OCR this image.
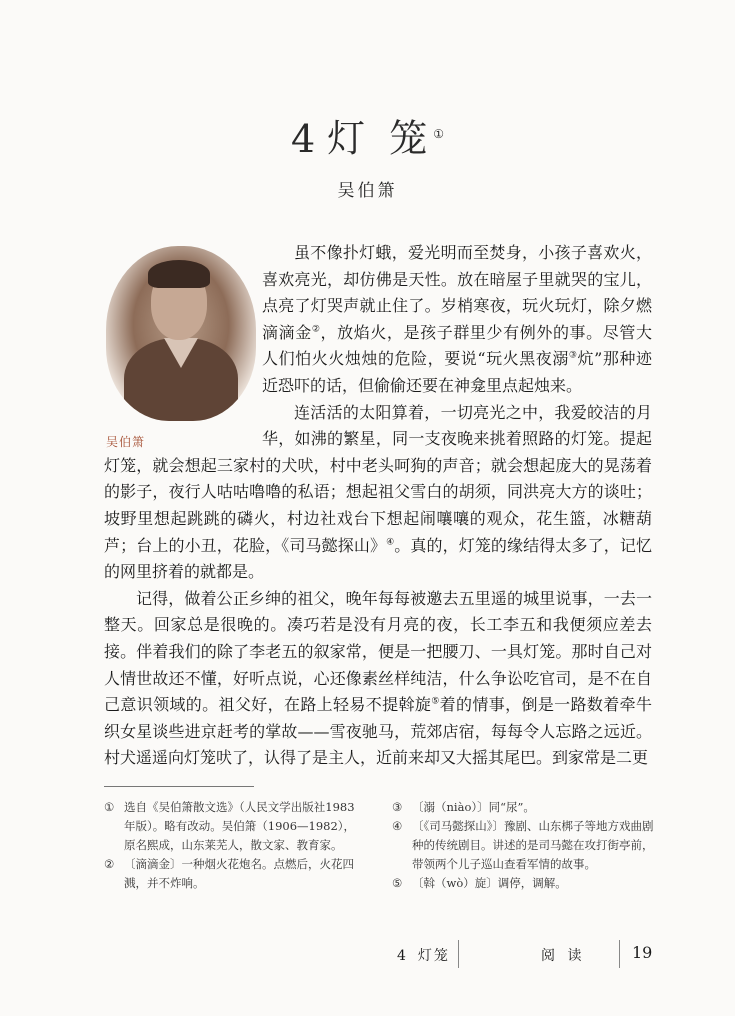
4 灯 笼①
吴伯箫
吴伯箫

虽不像扑灯蛾，爱光明而至焚身，小孩子喜欢火，喜欢亮光，却仿佛是天性。放在暗屋子里就哭的宝儿，点亮了灯哭声就止住了。岁梢寒夜，玩火玩灯，除夕燃滴滴金②，放焰火，是孩子群里少有例外的事。尽管大人们怕火火烛烛的危险，要说“玩火黑夜溺③炕”那种迹近恐吓的话，但偷偷还要在神龛里点起烛来。

连活活的太阳算着，一切亮光之中，我爱皎洁的月华，如沸的繁星，同一支夜晚来挑着照路的灯笼。提起灯笼，就会想起三家村的犬吠，村中老头呵狗的声音；就会想起庞大的晃荡着的影子，夜行人咕咕噜噜的私语；想起祖父雪白的胡须，同洪亮大方的谈吐；坡野里想起跳跳的磷火，村边社戏台下想起闹嚷嚷的观众，花生篮，冰糖葫芦；台上的小丑，花脸，《司马懿探山》④。真的，灯笼的缘结得太多了，记忆的网里挤着的就都是。

记得，做着公正乡绅的祖父，晚年每每被邀去五里遥的城里说事，一去一整天。回家总是很晚的。凑巧若是没有月亮的夜，长工李五和我便须应差去接。伴着我们的除了李老五的叙家常，便是一把腰刀、一具灯笼。那时自己对人情世故还不懂，好听点说，心还像素丝样纯洁，什么争讼吃官司，是不在自己意识领域的。祖父好，在路上轻易不提斡旋⑤着的情事，倒是一路数着牵牛织女星谈些进京赶考的掌故——雪夜驰马，荒郊店宿，每每令人忘路之远近。村犬遥遥向灯笼吠了，认得了是主人，近前来却又大摇其尾巴。到家常是二更

① 选自《吴伯箫散文选》（人民文学出版社1983年版）。略有改动。吴伯箫（1906—1982），原名熙成，山东莱芜人，散文家、教育家。
② 〔滴滴金〕一种烟火花炮名。点燃后，火花四溅，并不炸响。
③ 〔溺（niào）〕同“尿”。
④ 〔《司马懿探山》〕豫剧、山东梆子等地方戏曲剧种的传统剧目。讲述的是司马懿在攻打街亭前，带领两个儿子巡山查看军情的故事。
⑤ 〔斡（wò）旋〕调停，调解。
4 灯笼	阅 读	19
